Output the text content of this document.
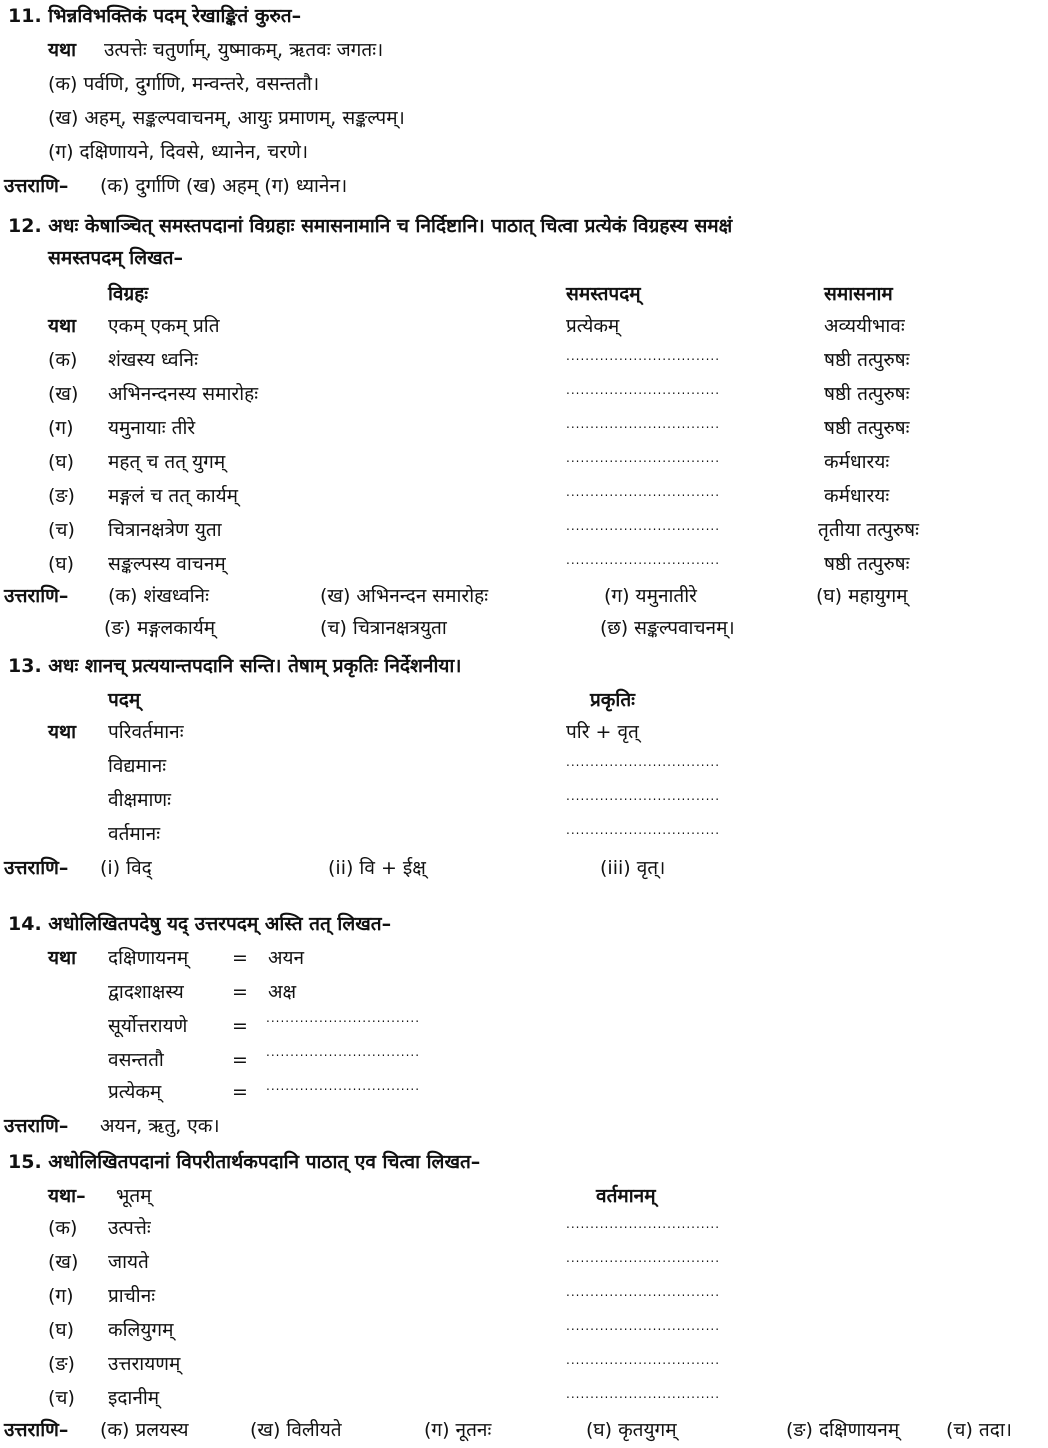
11. भिन्नविभक्तिकं पदम् रेखाङ्कितं कुरुत–
यथा उत्पत्तेः चतुर्णाम्, युष्माकम्, ऋतवः जगतः।
(क) पर्वणि, दुर्गाणि, मन्वन्तरे, वसन्ततौ।
(ख) अहम्, सङ्कल्पवाचनम्, आयुः प्रमाणम्, सङ्कल्पम्।
(ग) दक्षिणायने, दिवसे, ध्यानेन, चरणे।
उत्तराणि– (क) दुर्गाणि (ख) अहम् (ग) ध्यानेन।
12. अधः केषाञ्चित् समस्तपदानां विग्रहाः समासनामानि च निर्दिष्टानि। पाठात् चित्वा प्रत्येकं विग्रहस्य समक्षं
समस्तपदम् लिखत–
विग्रहः	समस्तपदम्	समासनाम
यथा एकम् एकम् प्रति	प्रत्येकम्	अव्ययीभावः
(क) शंखस्य ध्वनिः	................................	षष्ठी तत्पुरुषः
(ख) अभिनन्दनस्य समारोहः	................................	षष्ठी तत्पुरुषः
(ग) यमुनायाः तीरे	................................	षष्ठी तत्पुरुषः
(घ) महत् च तत् युगम्	................................	कर्मधारयः
(ङ) मङ्गलं च तत् कार्यम्	................................	कर्मधारयः
(च) चित्रानक्षत्रेण युता	................................	तृतीया तत्पुरुषः
(घ) सङ्कल्पस्य वाचनम्	................................	षष्ठी तत्पुरुषः
उत्तराणि– (क) शंखध्वनिः	(ख) अभिनन्दन समारोहः	(ग) यमुनातीरे	(घ) महायुगम्
(ङ) मङ्गलकार्यम्	(च) चित्रानक्षत्रयुता	(छ) सङ्कल्पवाचनम्।
13. अधः शानच् प्रत्ययान्तपदानि सन्ति। तेषाम् प्रकृतिः निर्देशनीया।
पदम्	प्रकृतिः
यथा परिवर्तमानः	परि + वृत्
विद्यमानः	................................
वीक्षमाणः	................................
वर्तमानः	................................
उत्तराणि– (i) विद्	(ii) वि + ईक्ष्	(iii) वृत्।
14. अधोलिखितपदेषु यद् उत्तरपदम् अस्ति तत् लिखत–
यथा दक्षिणायनम् = अयन
द्वादशाक्षस्य	= अक्ष
सूर्योत्तरायणे = ................................
वसन्ततौ	= ................................
प्रत्येकम्	= ................................
उत्तराणि– अयन, ऋतु, एक।
15. अधोलिखितपदानां विपरीतार्थकपदानि पाठात् एव चित्वा लिखत–
यथा– भूतम्	वर्तमानम्
(क) उत्पत्तेः	................................
(ख) जायते	................................
(ग) प्राचीनः	................................
(घ) कलियुगम्	................................
(ङ) उत्तरायणम्	................................
(च) इदानीम्	................................
उत्तराणि– (क) प्रलयस्य	(ख) विलीयते	(ग) नूतनः	(घ) कृतयुगम्	(ङ) दक्षिणायनम् (च) तदा।
